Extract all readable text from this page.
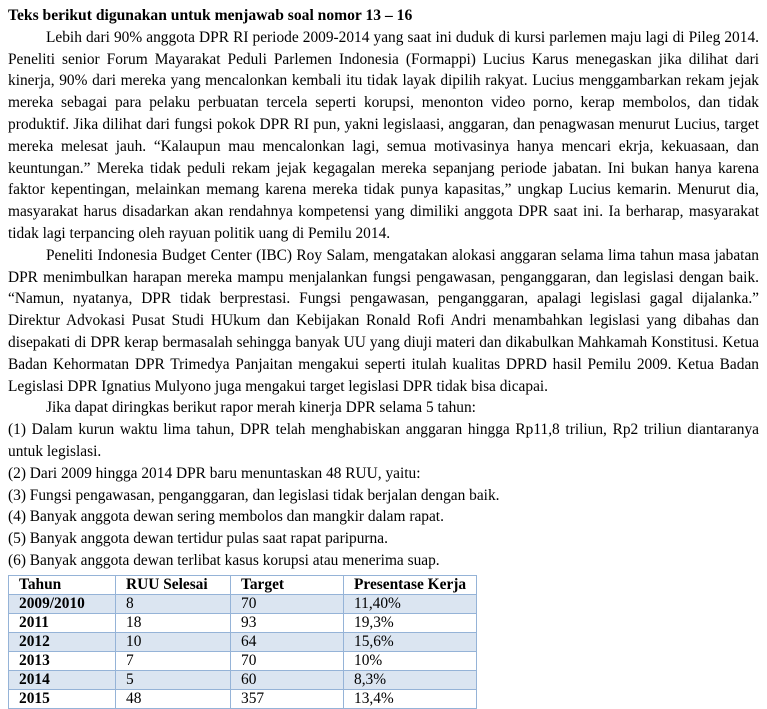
Teks berikut digunakan untuk menjawab soal nomor 13 – 16

Lebih dari 90% anggota DPR RI periode 2009-2014 yang saat ini duduk di kursi parlemen maju lagi di Pileg 2014. Peneliti senior Forum Mayarakat Peduli Parlemen Indonesia (Formappi) Lucius Karus menegaskan jika dilihat dari kinerja, 90% dari mereka yang mencalonkan kembali itu tidak layak dipilih rakyat. Lucius menggambarkan rekam jejak mereka sebagai para pelaku perbuatan tercela seperti korupsi, menonton video porno, kerap membolos, dan tidak produktif. Jika dilihat dari fungsi pokok DPR RI pun, yakni legislaasi, anggaran, dan penagwasan menurut Lucius, target mereka melesat jauh. “Kalaupun mau mencalonkan lagi, semua motivasinya hanya mencari ekrja, kekuasaan, dan keuntungan.” Mereka tidak peduli rekam jejak kegagalan mereka sepanjang periode jabatan. Ini bukan hanya karena faktor kepentingan, melainkan memang karena mereka tidak punya kapasitas,” ungkap Lucius kemarin. Menurut dia, masyarakat harus disadarkan akan rendahnya kompetensi yang dimiliki anggota DPR saat ini. Ia berharap, masyarakat tidak lagi terpancing oleh rayuan politik uang di Pemilu 2014.

Peneliti Indonesia Budget Center (IBC) Roy Salam, mengatakan alokasi anggaran selama lima tahun masa jabatan DPR menimbulkan harapan mereka mampu menjalankan fungsi pengawasan, penganggaran, dan legislasi dengan baik. “Namun, nyatanya, DPR tidak berprestasi. Fungsi pengawasan, penganggaran, apalagi legislasi gagal dijalanka.” Direktur Advokasi Pusat Studi HUkum dan Kebijakan Ronald Rofi Andri menambahkan legislasi yang dibahas dan disepakati di DPR kerap bermasalah sehingga banyak UU yang diuji materi dan dikabulkan Mahkamah Konstitusi. Ketua Badan Kehormatan DPR Trimedya Panjaitan mengakui seperti itulah kualitas DPRD hasil Pemilu 2009. Ketua Badan Legislasi DPR Ignatius Mulyono juga mengakui target legislasi DPR tidak bisa dicapai.

Jika dapat diringkas berikut rapor merah kinerja DPR selama 5 tahun:

(1) Dalam kurun waktu lima tahun, DPR telah menghabiskan anggaran hingga Rp11,8 triliun, Rp2 triliun diantaranya untuk legislasi.

(2) Dari 2009 hingga 2014 DPR baru menuntaskan 48 RUU, yaitu:

(3) Fungsi pengawasan, penganggaran, dan legislasi tidak berjalan dengan baik.

(4) Banyak anggota dewan sering membolos dan mangkir dalam rapat.

(5) Banyak anggota dewan tertidur pulas saat rapat paripurna.

(6) Banyak anggota dewan terlibat kasus korupsi atau menerima suap.

Tahun	RUU Selesai	Target	Presentase Kerja
2009/2010	8	70	11,40%
2011	18	93	19,3%
2012	10	64	15,6%
2013	7	70	10%
2014	5	60	8,3%
2015	48	357	13,4%
